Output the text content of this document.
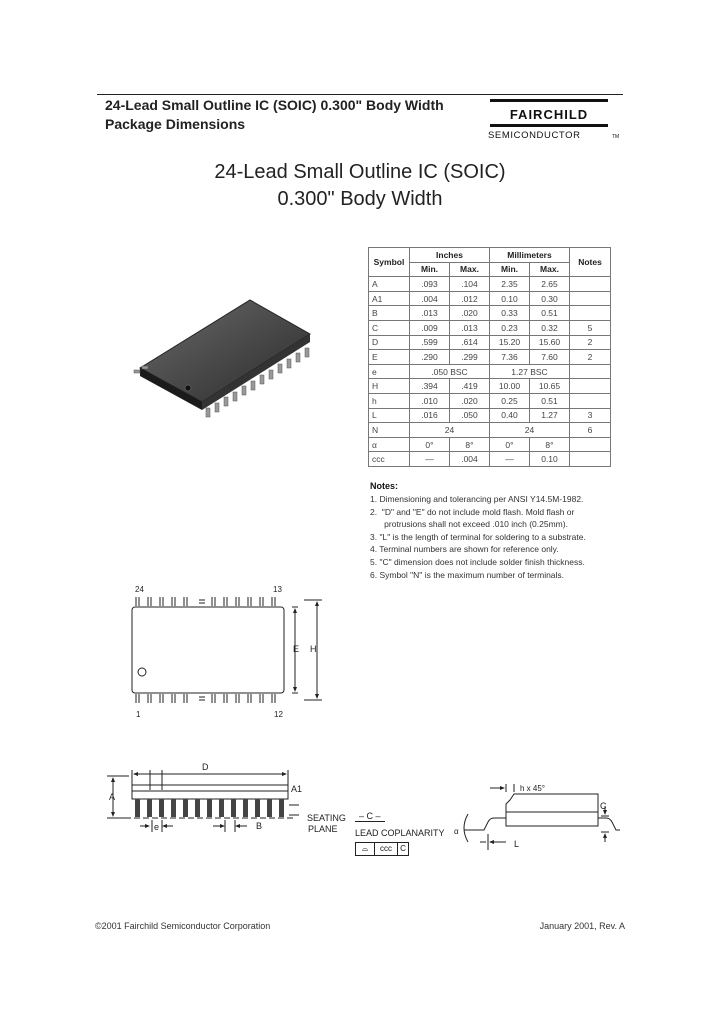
24-Lead Small Outline IC (SOIC) 0.300" Body Width
Package Dimensions
FAIRCHILD
SEMICONDUCTOR	TM
24-Lead Small Outline IC (SOIC)
0.300" Body Width
Symbol	Inches		Millimeters		Notes
	Min.	Max.	Min.	Max.	
A	.093	.104	2.35	2.65	
A1	.004	.012	0.10	0.30	
B	.013	.020	0.33	0.51	
C	.009	.013	0.23	0.32	5
D	.599	.614	15.20	15.60	2
E	.290	.299	7.36	7.60	2
e	.050 BSC		1.27 BSC		
H	.394	.419	10.00	10.65	
h	.010	.020	0.25	0.51	
L	.016	.050	0.40	1.27	3
N	24		24		6
α	0°	8°	0°	8°	
ccc	—	.004	—	0.10	
Notes:
1. Dimensioning and tolerancing per ANSI Y14.5M-1982.
2.  "D" and "E" do not include mold flash. Mold flash or
protrusions shall not exceed .010 inch (0.25mm).
3. "L" is the length of terminal for soldering to a substrate.
4. Terminal numbers are shown for reference only.
5. "C" dimension does not include solder finish thickness.
6. Symbol "N" is the maximum number of terminals.
24	13
1	12
E H
D
A
A1
e	B
SEATING
PLANE
– C –
LEAD COPLANARITY
⌓	ccc	C
h x 45°
C
L
α
©2001 Fairchild Semiconductor Corporation	January 2001, Rev. A
